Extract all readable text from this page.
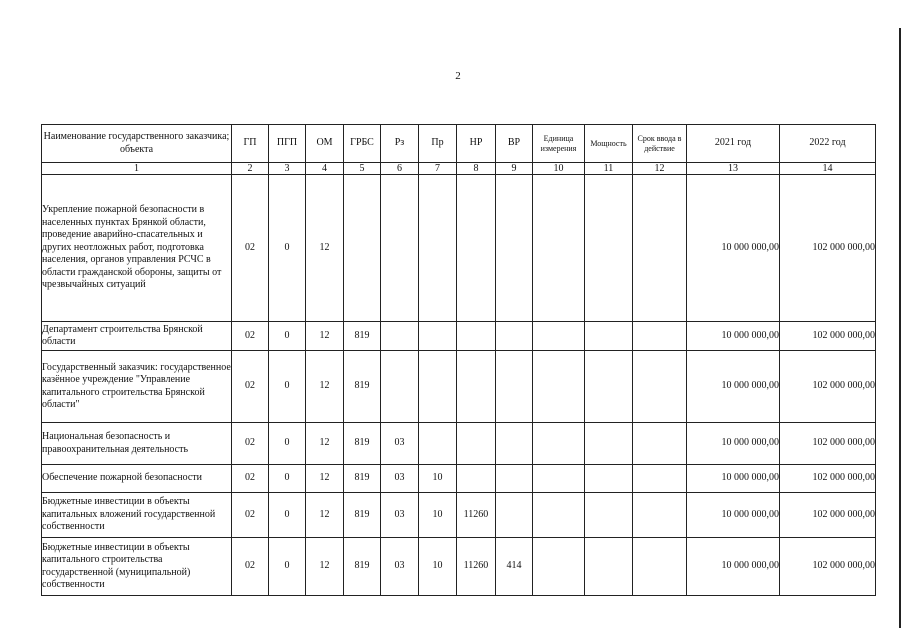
2
Наименование государственного заказчика; объекта	ГП	ПГП	ОМ	ГРБС	Рз	Пр	НР	ВР	Единица измерения	Мощность	Срок ввода в действие	2021 год	2022 год
1	2	3	4	5	6	7	8	9	10	11	12	13	14
Укрепление пожарной безопасности в населенных пунктах Брянкой области, проведение аварийно-спасательных и других неотложных работ, подготовка населения, органов управления РСЧС в области гражданской обороны, защиты от чрезвычайных ситуаций	02	0	12									10 000 000,00	102 000 000,00
Департамент строительства Брянской области	02	0	12	819								10 000 000,00	102 000 000,00
Государственный заказчик: государственное казённое учреждение "Управление капитального строительства Брянской области"	02	0	12	819								10 000 000,00	102 000 000,00
Национальная безопасность и правоохранительная деятельность	02	0	12	819	03							10 000 000,00	102 000 000,00
Обеспечение пожарной безопасности	02	0	12	819	03	10						10 000 000,00	102 000 000,00
Бюджетные инвестиции в объекты капитальных вложений государственной собственности	02	0	12	819	03	10	11260					10 000 000,00	102 000 000,00
Бюджетные инвестиции в объекты капитального строительства государственной (муниципальной) собственности	02	0	12	819	03	10	11260	414				10 000 000,00	102 000 000,00
